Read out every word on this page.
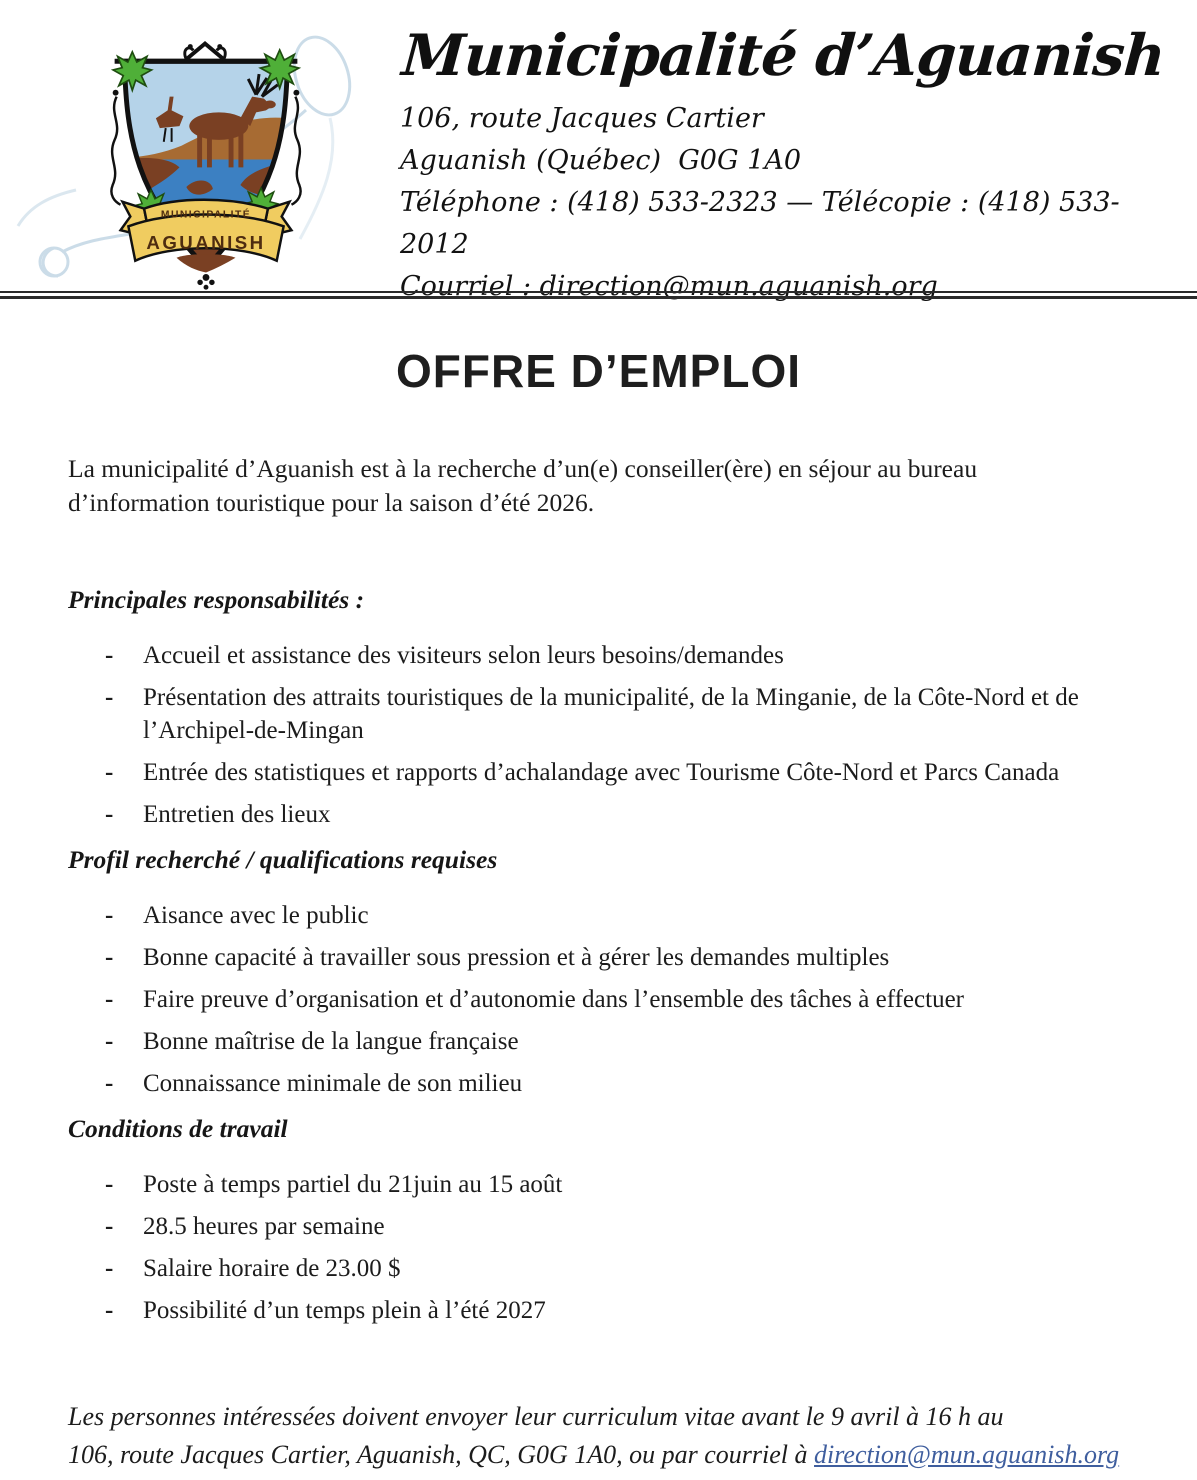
MUNICIPALITÉ
AGUANISH
Municipalité d’Aguanish
106, route Jacques Cartier
Aguanish (Québec)  G0G 1A0
Téléphone : (418) 533-2323 — Télécopie : (418) 533-2012
Courriel : direction@mun.aguanish.org
OFFRE D’EMPLOI

La municipalité d’Aguanish est à la recherche d’un(e) conseiller(ère) en séjour au bureau d’information touristique pour la saison d’été 2026.

Principales responsabilités :
-	Accueil et assistance des visiteurs selon leurs besoins/demandes
-	Présentation des attraits touristiques de la municipalité, de la Minganie, de la Côte-Nord et de l’Archipel-de-Mingan
-	Entrée des statistiques et rapports d’achalandage avec Tourisme Côte-Nord et Parcs Canada
-	Entretien des lieux
Profil recherché / qualifications requises
-	Aisance avec le public
-	Bonne capacité à travailler sous pression et à gérer les demandes multiples
-	Faire preuve d’organisation et d’autonomie dans l’ensemble des tâches à effectuer
-	Bonne maîtrise de la langue française
-	Connaissance minimale de son milieu
Conditions de travail
-	Poste à temps partiel du 21juin au 15 août
-	28.5 heures par semaine
-	Salaire horaire de 23.00 $
-	Possibilité d’un temps plein à l’été 2027
Les personnes intéressées doivent envoyer leur curriculum vitae avant le 9 avril à 16 h au
106, route Jacques Cartier, Aguanish, QC, G0G 1A0, ou par courriel à direction@mun.aguanish.org
